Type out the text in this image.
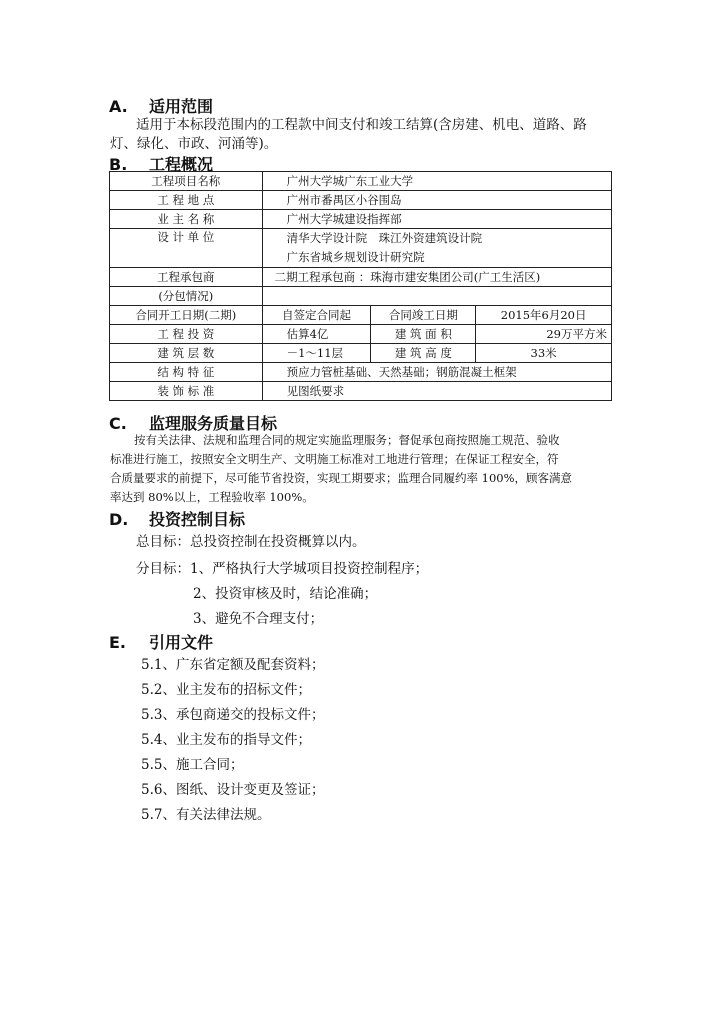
A. 适用范围
适用于本标段范围内的工程款中间支付和竣工结算(含房建、机电、道路、路
灯、绿化、市政、河涌等)。
B. 工程概况
工程项目名称	广州大学城广东工业大学		
工 程 地 点	广州市番禺区小谷围岛		
业 主 名 称	广州大学城建设指挥部		
设 计 单 位	清华大学设计院　珠江外资建筑设计院
广东省城乡规划设计研究院		

工程承包商	二期工程承包商 ：珠海市建安集团公司(广工生活区)		
(分包情况)			
合同开工日期(二期)	自签定合同起	合同竣工日期	2015年6月20日
工 程 投 资	估算4亿	建 筑 面 积	29万平方米
建 筑 层 数	－1～11层	建 筑 高 度	33米
结 构 特 征	预应力管桩基础、天然基础；钢筋混凝土框架		
装 饰 标 准	见图纸要求		
C. 监理服务质量目标
按有关法律、法规和监理合同的规定实施监理服务；督促承包商按照施工规范、验收
标准进行施工，按照安全文明生产、文明施工标准对工地进行管理；在保证工程安全，符
合质量要求的前提下，尽可能节省投资，实现工期要求；监理合同履约率 100%，顾客满意
率达到 80%以上，工程验收率 100%。
D. 投资控制目标
总目标：总投资控制在投资概算以内。
分目标：1、严格执行大学城项目投资控制程序；
2、投资审核及时，结论准确；
3、避免不合理支付；
E. 引用文件
5.1、广东省定额及配套资料；
5.2、业主发布的招标文件；
5.3、承包商递交的投标文件；
5.4、业主发布的指导文件；
5.5、施工合同；
5.6、图纸、设计变更及签证；
5.7、有关法律法规。
